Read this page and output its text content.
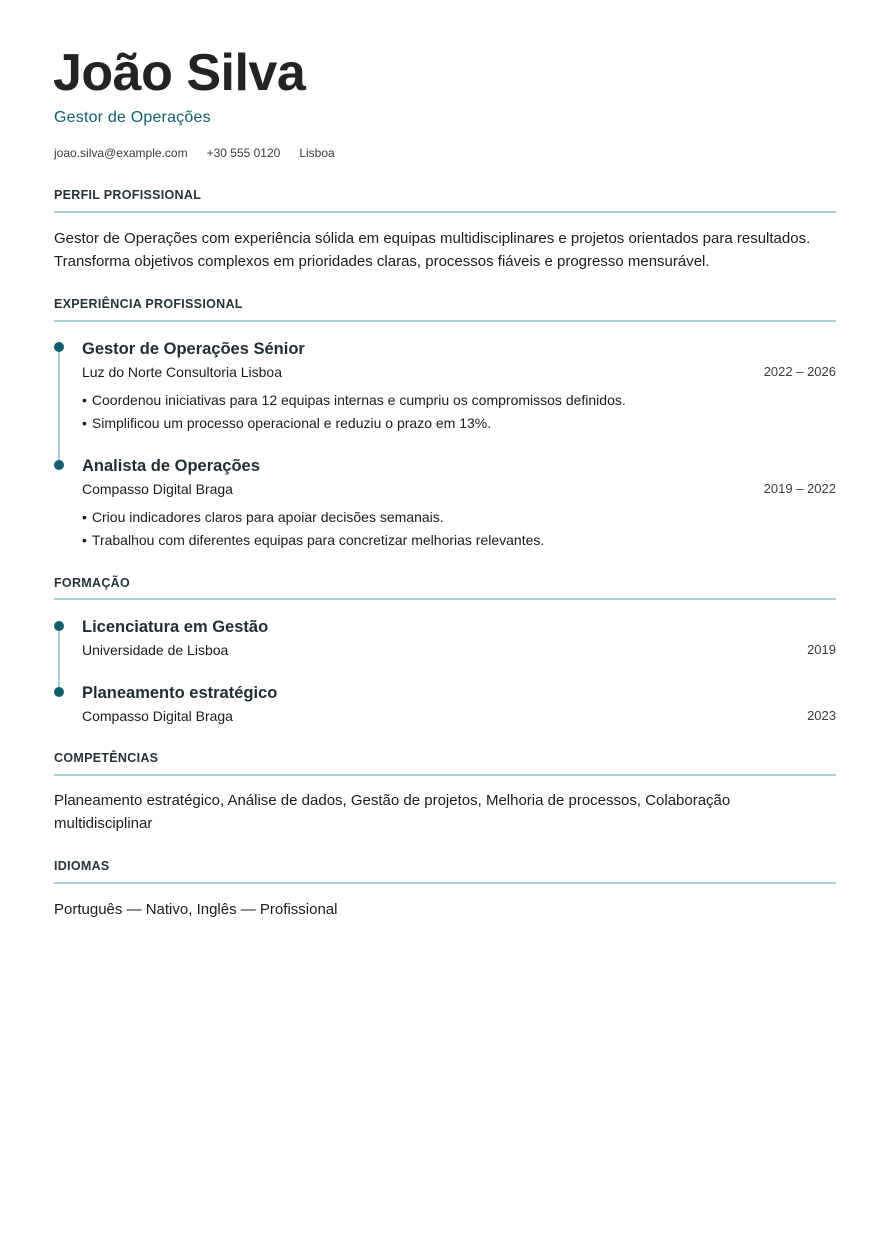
João Silva
Gestor de Operações
joao.silva@example.com +30 555 0120 Lisboa
PERFIL PROFISSIONAL

Gestor de Operações com experiência sólida em equipas multidisciplinares e projetos orientados para resultados. Transforma objetivos complexos em prioridades claras, processos fiáveis e progresso mensurável.

EXPERIÊNCIA PROFISSIONAL
Gestor de Operações Sénior
Luz do Norte Consultoria Lisboa	2022 – 2026
• Coordenou iniciativas para 12 equipas internas e cumpriu os compromissos definidos.
• Simplificou um processo operacional e reduziu o prazo em 13%.
Analista de Operações
Compasso Digital Braga	2019 – 2022
• Criou indicadores claros para apoiar decisões semanais.
• Trabalhou com diferentes equipas para concretizar melhorias relevantes.
FORMAÇÃO
Licenciatura em Gestão
Universidade de Lisboa	2019
Planeamento estratégico
Compasso Digital Braga	2023
COMPETÊNCIAS

Planeamento estratégico, Análise de dados, Gestão de projetos, Melhoria de processos, Colaboração multidisciplinar

IDIOMAS

Português — Nativo, Inglês — Profissional
